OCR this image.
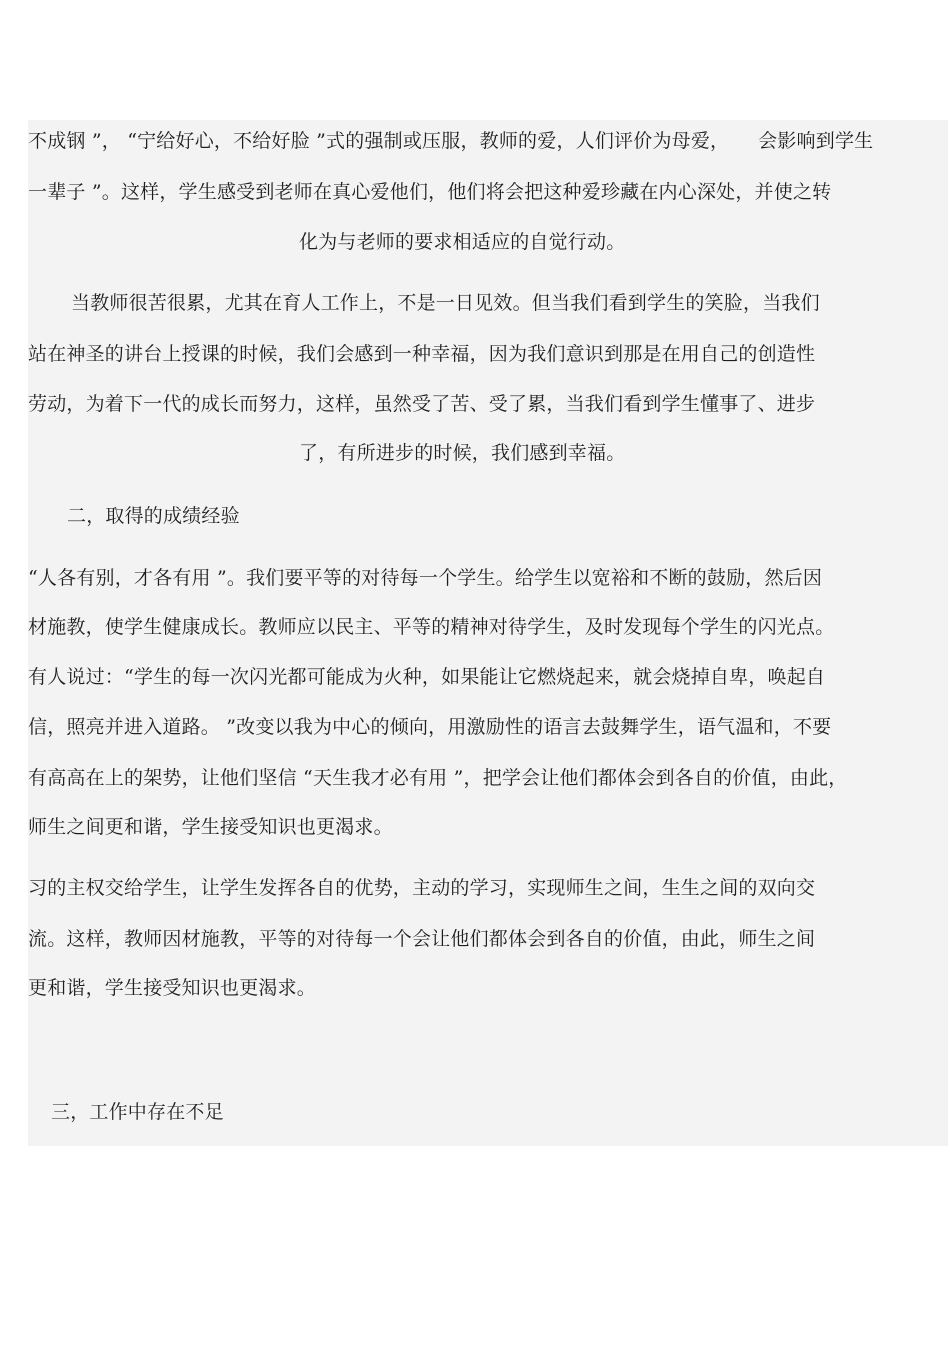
不成钢 ”， “宁给好心，不给好脸 ”式的强制或压服，教师的爱，人们评价为母爱，　　会影响到学生
一辈子 ”。这样，学生感受到老师在真心爱他们，他们将会把这种爱珍藏在内心深处，并使之转
化为与老师的要求相适应的自觉行动。
当教师很苦很累，尤其在育人工作上，不是一日见效。但当我们看到学生的笑脸，当我们
站在神圣的讲台上授课的时候，我们会感到一种幸福，因为我们意识到那是在用自己的创造性
劳动，为着下一代的成长而努力，这样，虽然受了苦、受了累，当我们看到学生懂事了、进步
了，有所进步的时候，我们感到幸福。
二，取得的成绩经验
“人各有别，才各有用 ”。我们要平等的对待每一个学生。给学生以宽裕和不断的鼓励，然后因
材施教，使学生健康成长。教师应以民主、平等的精神对待学生，及时发现每个学生的闪光点。
有人说过：“学生的每一次闪光都可能成为火种，如果能让它燃烧起来，就会烧掉自卑，唤起自
信，照亮并进入道路。 ”改变以我为中心的倾向，用激励性的语言去鼓舞学生，语气温和，不要
有高高在上的架势，让他们坚信 “天生我才必有用 ”，把学会让他们都体会到各自的价值，由此，
师生之间更和谐，学生接受知识也更渴求。
习的主权交给学生，让学生发挥各自的优势，主动的学习，实现师生之间，生生之间的双向交
流。这样，教师因材施教，平等的对待每一个会让他们都体会到各自的价值，由此，师生之间
更和谐，学生接受知识也更渴求。
三，工作中存在不足
